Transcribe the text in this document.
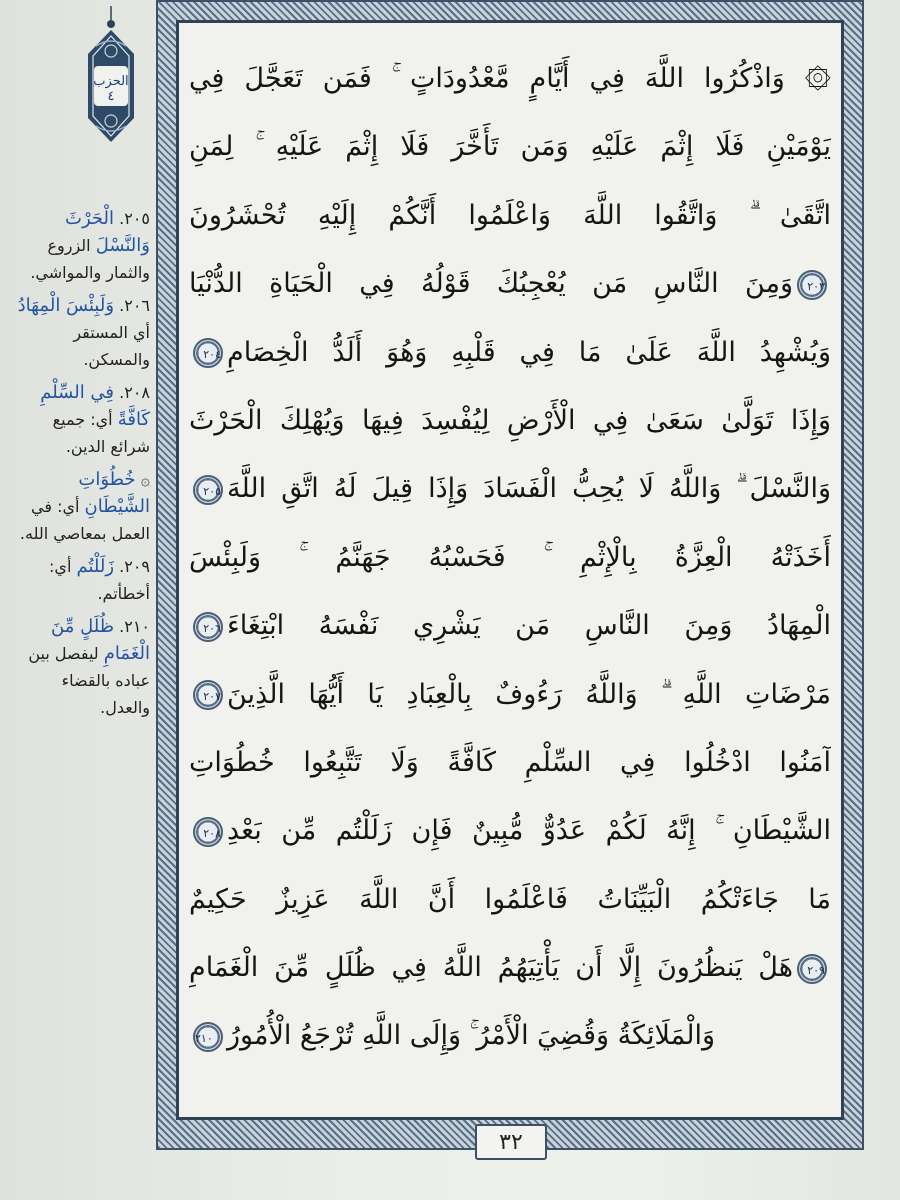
الحزب
٤
٢٠٥. الْحَرْثَ وَالنَّسْلَ الزروع والثمار والمواشي.
٢٠٦. وَلَبِئْسَ الْمِهَادُ أي المستقر والمسكن.
٢٠٨. فِي السِّلْمِ كَافَّةً أي: جميع شرائع الدين.
۞ خُطُوَاتِ الشَّيْطَانِ أي: في العمل بمعاصي الله.
٢٠٩. زَلَلْتُم أي: أخطأتم.
٢١٠. ظُلَلٍ مِّنَ الْغَمَامِ ليفصل بين عباده بالقضاء والعدل.
۞ وَاذْكُرُوا اللَّهَ فِي أَيَّامٍ مَّعْدُودَاتٍ ۚ فَمَن تَعَجَّلَ فِي
يَوْمَيْنِ فَلَا إِثْمَ عَلَيْهِ وَمَن تَأَخَّرَ فَلَا إِثْمَ عَلَيْهِ ۚ لِمَنِ
اتَّقَىٰ ۗ وَاتَّقُوا اللَّهَ وَاعْلَمُوا أَنَّكُمْ إِلَيْهِ تُحْشَرُونَ
٢٠٣وَمِنَ النَّاسِ مَن يُعْجِبُكَ قَوْلُهُ فِي الْحَيَاةِ الدُّنْيَا
وَيُشْهِدُ اللَّهَ عَلَىٰ مَا فِي قَلْبِهِ وَهُوَ أَلَدُّ الْخِصَامِ٢٠٤
وَإِذَا تَوَلَّىٰ سَعَىٰ فِي الْأَرْضِ لِيُفْسِدَ فِيهَا وَيُهْلِكَ الْحَرْثَ
وَالنَّسْلَ ۗ وَاللَّهُ لَا يُحِبُّ الْفَسَادَ وَإِذَا قِيلَ لَهُ اتَّقِ اللَّهَ٢٠٥
أَخَذَتْهُ الْعِزَّةُ بِالْإِثْمِ ۚ فَحَسْبُهُ جَهَنَّمُ ۚ وَلَبِئْسَ
الْمِهَادُ وَمِنَ النَّاسِ مَن يَشْرِي نَفْسَهُ ابْتِغَاءَ٢٠٦
مَرْضَاتِ اللَّهِ ۗ وَاللَّهُ رَءُوفٌ بِالْعِبَادِ يَا أَيُّهَا الَّذِينَ٢٠٧
آمَنُوا ادْخُلُوا فِي السِّلْمِ كَافَّةً وَلَا تَتَّبِعُوا خُطُوَاتِ
الشَّيْطَانِ ۚ إِنَّهُ لَكُمْ عَدُوٌّ مُّبِينٌ فَإِن زَلَلْتُم مِّن بَعْدِ٢٠٨
مَا جَاءَتْكُمُ الْبَيِّنَاتُ فَاعْلَمُوا أَنَّ اللَّهَ عَزِيزٌ حَكِيمٌ
٢٠٩هَلْ يَنظُرُونَ إِلَّا أَن يَأْتِيَهُمُ اللَّهُ فِي ظُلَلٍ مِّنَ الْغَمَامِ
وَالْمَلَائِكَةُ وَقُضِيَ الْأَمْرُ ۚ وَإِلَى اللَّهِ تُرْجَعُ الْأُمُورُ٢١٠
٣٢
